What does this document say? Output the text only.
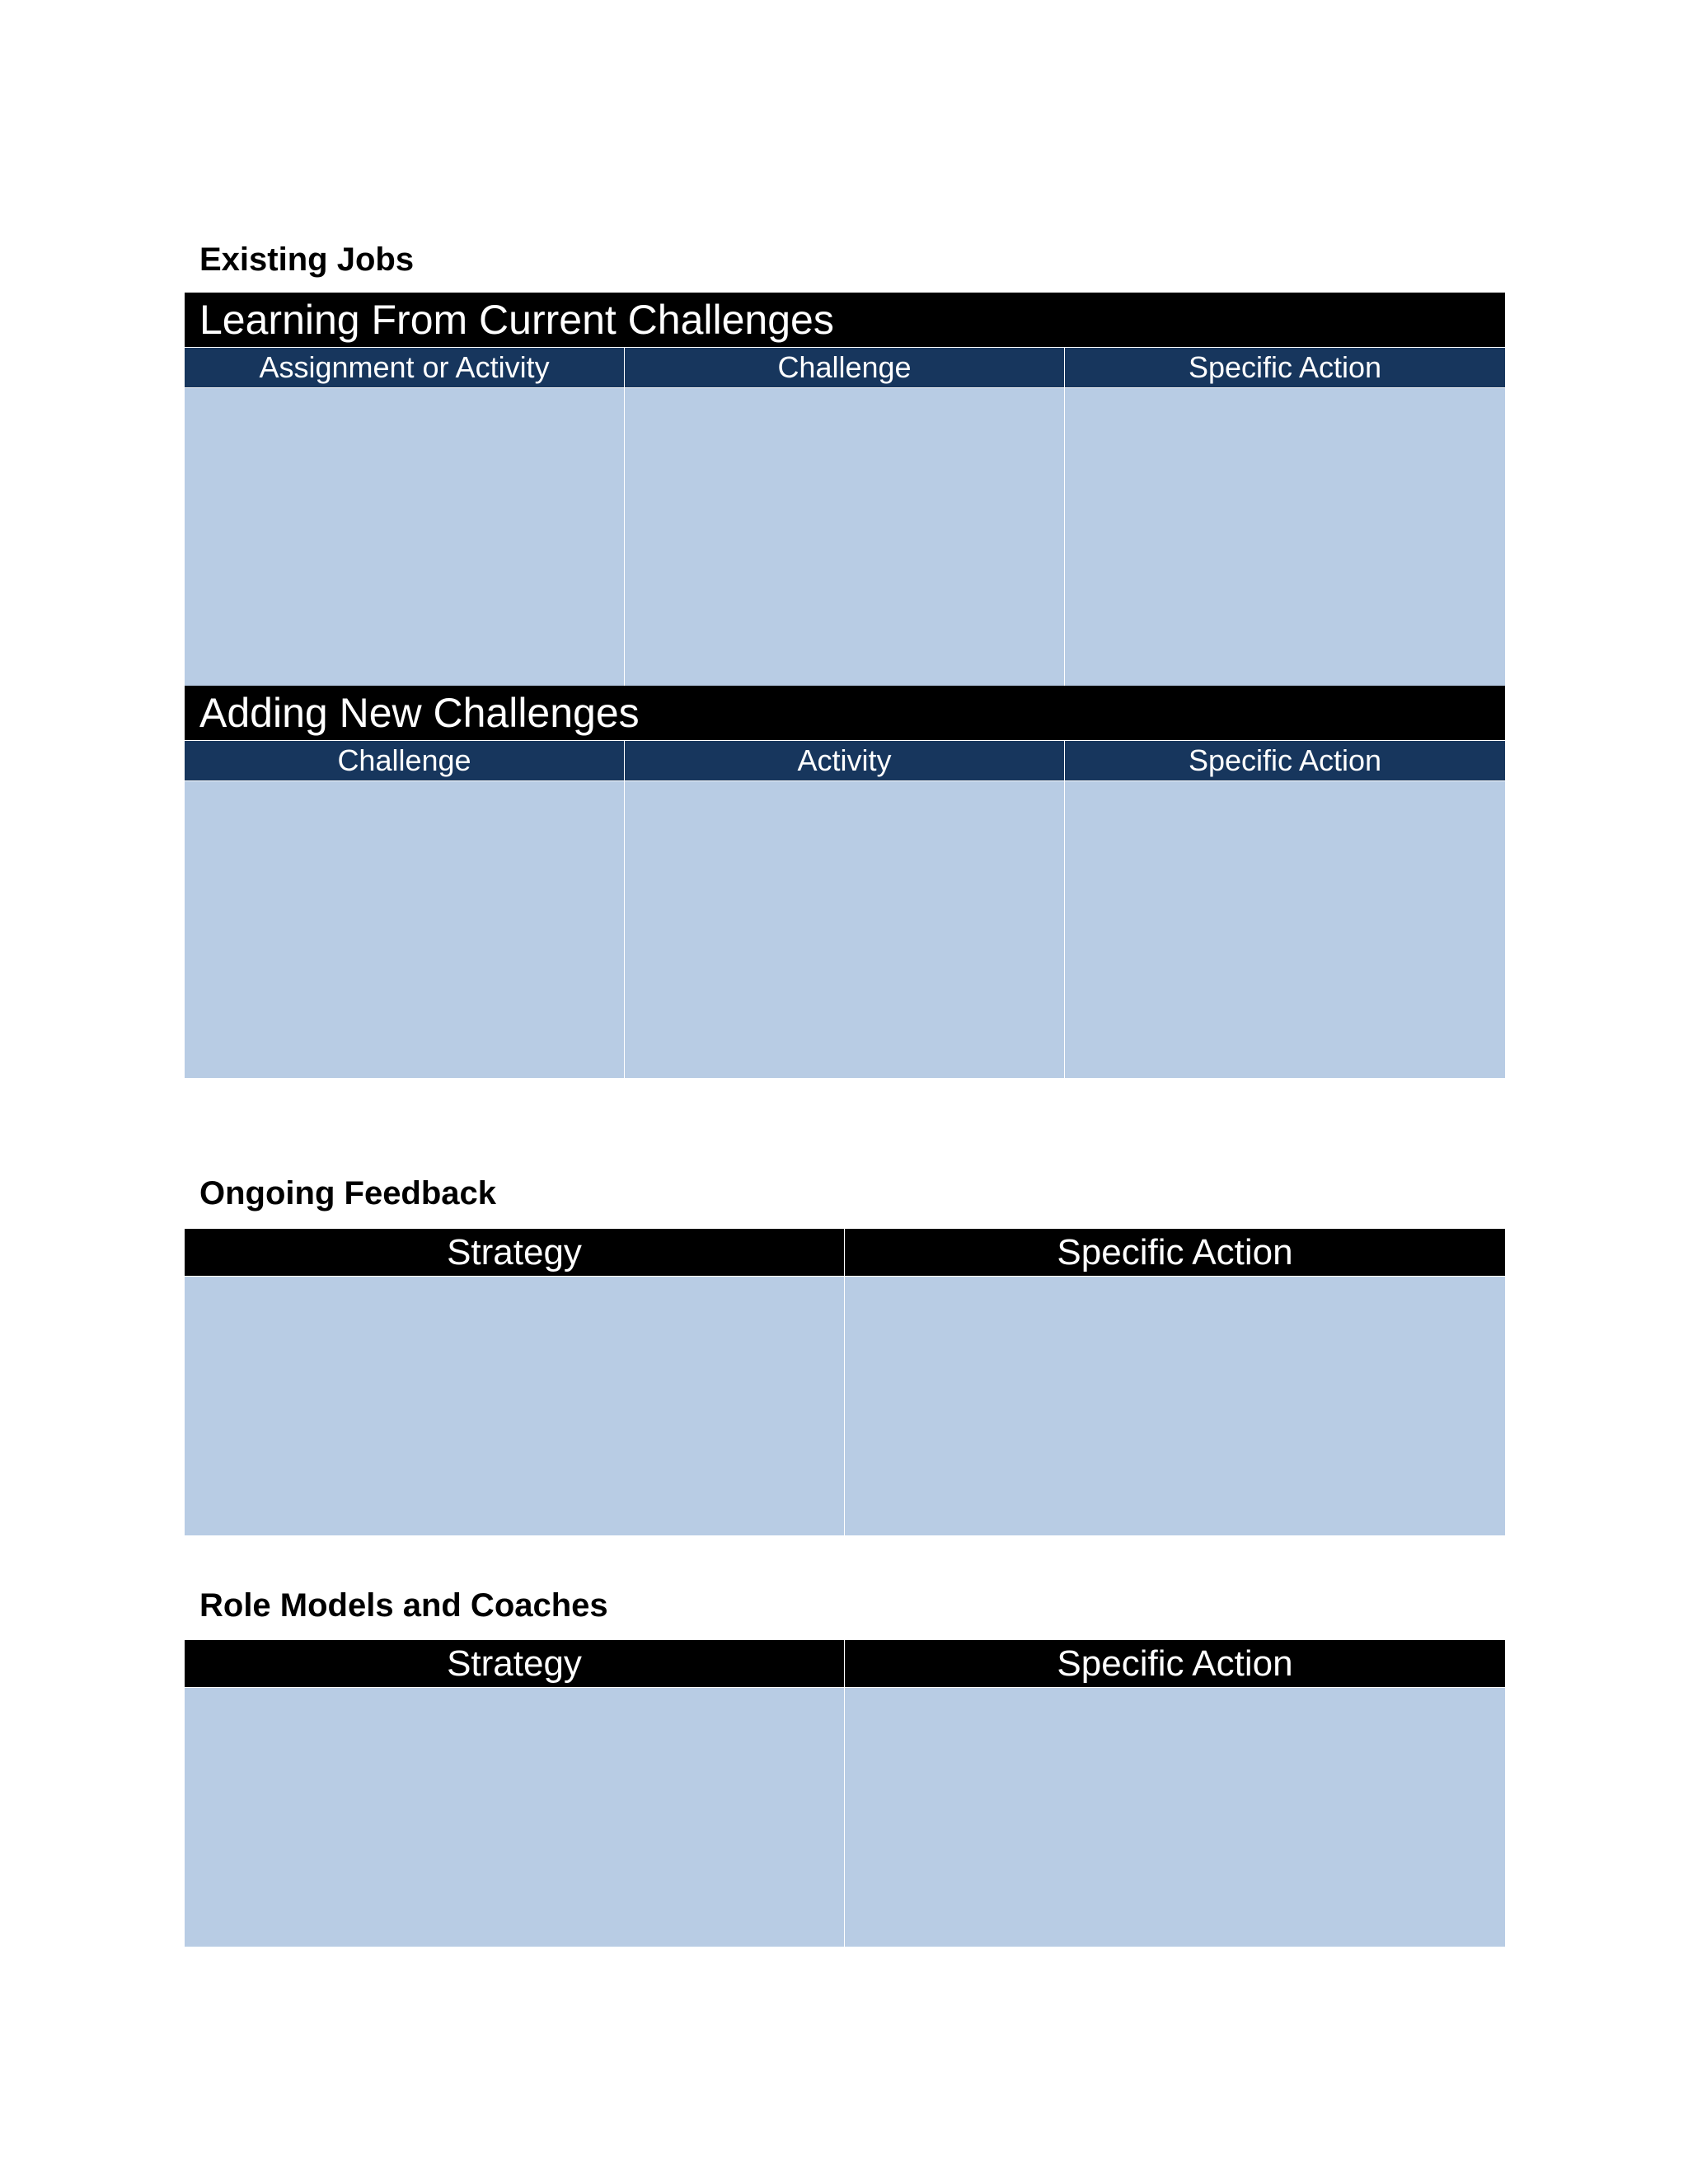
Existing Jobs
Learning From Current Challenges
Assignment or Activity	Challenge	Specific Action
Adding New Challenges
Challenge	Activity	Specific Action
Ongoing Feedback
Strategy	Specific Action
Role Models and Coaches
Strategy	Specific Action
